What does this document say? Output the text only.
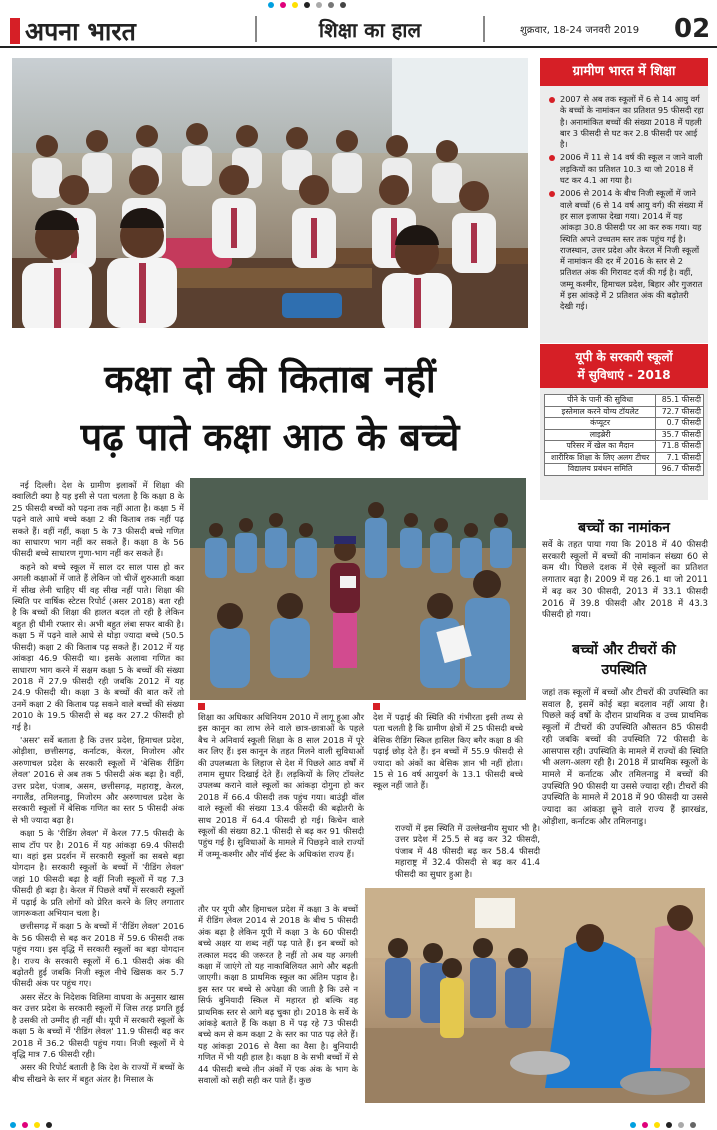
अपना भारत	शिक्षा का हाल	शुक्रवार, 18-24 जनवरी 2019 02
ग्रामीण भारत में शिक्षा
2007 से अब तक स्कूलों में 6 से 14 आयु वर्ग के बच्चों के नामांकन का प्रतिशत 95 फीसदी रहा है। अनामांकित बच्चों की संख्या 2018 में पहली बार 3 फीसदी से घट कर 2.8 फीसदी पर आई है।
2006 में 11 से 14 वर्ष की स्कूल न जाने वाली लड़कियों का प्रतिशत 10.3 था जो 2018 में घट कर 4.1 आ गया है।
2006 से 2014 के बीच निजी स्कूलों में जाने वाले बच्चों (6 से 14 वर्ष आयु वर्ग) की संख्या में हर साल इजाफा देखा गया। 2014 में यह आंकड़ा 30.8 फीसदी पर आ कर रुक गया। यह स्थिति अपने उच्चतम स्तर तक पहुंच गई है। राजस्थान, उत्तर प्रदेश और केरल में निजी स्कूलों में नामांकन की दर में 2016 के स्तर से 2 प्रतिशत अंक की गिरावट दर्ज की गई है। वहीं, जम्मू कश्मीर, हिमाचल प्रदेश, बिहार और गुजरात में इस आंकड़े में 2 प्रतिशत अंक की बढ़ोतरी देखी गई।
कक्षा दो की किताब नहीं
पढ़ पाते कक्षा आठ के बच्चे
यूपी के सरकारी स्कूलों
में सुविधाएं - 2018
पीने के पानी की सुविधा	85.1 फीसदी
इस्तेमाल करने योग्य टॉयलेट	72.7 फीसदी
कंप्यूटर	0.7 फीसदी
लाइब्रेरी	35.7 फीसदी
परिसर में खेल का मैदान	71.8 फीसदी
शारीरिक शिक्षा के लिए अलग टीचर	7.1 फीसदी
विद्यालय प्रबंधन समिति	96.7 फीसदी

नई दिल्ली। देश के ग्रामीण इलाकों में शिक्षा की क्वालिटी क्या है यह इसी से पता चलता है कि कक्षा 8 के 25 फीसदी बच्चों को पढ़ना तक नहीं आता है। कक्षा 5 में पढ़ने वाले आधे बच्चे कक्षा 2 की किताब तक नहीं पढ़ सकते हैं। वहीं नहीं, कक्षा 5 के 73 फीसदी बच्चे गणित का साधारण भाग नहीं कर सकते हैं। कक्षा 8 के 56 फीसदी बच्चे साधारण गुणा-भाग नहीं कर सकते हैं।

कहने को बच्चे स्कूल में साल दर साल पास हो कर अगली कक्षाओं में जाते हैं लेकिन जो चीजें शुरुआती कक्षा में सीख लेनी चाहिए थीं वह सीख नहीं पाते। शिक्षा की स्थिति पर वार्षिक स्टेटस रिपोर्ट (असर 2018) बता रही है कि बच्चों की शिक्षा की हालत बदल तो रही है लेकिन बहुत ही धीमी रफ्तार से। अभी बहुत लंबा सफर बाकी है। कक्षा 5 में पढ़ने वाले आधे से थोड़ा ज्यादा बच्चे (50.5 फीसदी) कक्षा 2 की किताब पढ़ सकते हैं। 2012 में यह आंकड़ा 46.9 फीसदी था। इसके अलावा गणित का साधारण भाग करने में सक्षम कक्षा 5 के बच्चों की संख्या 2018 में 27.9 फीसदी रही जबकि 2012 में यह 24.9 फीसदी थी। कक्षा 3 के बच्चों की बात करें तो उनमें कक्षा 2 की किताब पढ़ सकने वाले बच्चों की संख्या 2010 के 19.5 फीसदी से बढ़ कर 27.2 फीसदी हो गई है।

'असर' सर्वे बताता है कि उत्तर प्रदेश, हिमाचल प्रदेश, ओड़ीशा, छत्तीसगढ़, कर्नाटक, केरल, मिजोरम और अरुणाचल प्रदेश के सरकारी स्कूलों में 'बेसिक रीडिंग लेवल' 2016 से अब तक 5 फीसदी अंक बढ़ा है। वहीं, उत्तर प्रदेश, पंजाब, असम, छत्तीसगढ़, महाराष्ट्र, केरल, नगालैंड, तमिलनाडु, मिजोरम और अरुणाचल प्रदेश के सरकारी स्कूलों में बेसिक गणित का स्तर 5 फीसदी अंक से भी ज्यादा बढ़ा है।

कक्षा 5 के 'रीडिंग लेवल' में केरल 77.5 फीसदी के साथ टॉप पर है। 2016 में यह आंकड़ा 69.4 फीसदी था। वहां इस प्रदर्शन में सरकारी स्कूलों का सबसे बड़ा योगदान है। सरकारी स्कूलों के बच्चों में 'रीडिंग लेवल' जहां 10 फीसदी बढ़ा है वहीं निजी स्कूलों में यह 7.3 फीसदी ही बढ़ा है। केरल में पिछले वर्षों में सरकारी स्कूलों में पढ़ाई के प्रति लोगों को प्रेरित करने के लिए लगातार जागरूकता अभियान चला है।

छत्तीसगढ़ में कक्षा 5 के बच्चों में 'रीडिंग लेवल' 2016 के 56 फीसदी से बढ़ कर 2018 में 59.6 फीसदी तक पहुंच गया। इस वृद्धि में सरकारी स्कूलों का बड़ा योगदान है। राज्य के सरकारी स्कूलों में 6.1 फीसदी अंक की बढ़ोतरी हुई जबकि निजी स्कूल नीचे खिसक कर 5.7 फीसदी अंक पर पहुंच गए।

असर सेंटर के निदेशक विलिमा वाधवा के अनुसार खास कर उत्तर प्रदेश के सरकारी स्कूलों में जिस तरह प्रगति हुई है उसकी तो उम्मीद ही नहीं थी। यूपी में सरकारी स्कूलों के कक्षा 5 के बच्चों में 'रीडिंग लेवल' 11.9 फीसदी बढ़ कर 2018 में 36.2 फीसदी पहुंच गया। निजी स्कूलों में ये वृद्धि मात्र 7.6 फीसदी रही।

असर की रिपोर्ट बताती है कि देश के राज्यों में बच्चों के बीच सीखने के स्तर में बहुत अंतर है। मिसाल के

शिक्षा का अधिकार अधिनियम 2010 में लागू हुआ और इस कानून का लाभ लेने वाले छात्र-छात्राओं के पहले बैच ने अनिवार्य स्कूली शिक्षा के 8 साल 2018 में पूरे कर लिए हैं। इस कानून के तहत मिलने वाली सुविधाओं की उपलब्धता के लिहाज से देश में पिछले आठ वर्षों में तमाम सुधार दिखाई देते हैं। लड़कियों के लिए टॉयलेट उपलब्ध कराने वाले स्कूलों का आंकड़ा दोगुना हो कर 2018 में 66.4 फीसदी तक पहुंच गया। बाउंड्री वॉल वाले स्कूलों की संख्या 13.4 फीसदी की बढ़ोतरी के साथ 2018 में 64.4 फीसदी हो गई। किचेन वाले स्कूलों की संख्या 82.1 फीसदी से बढ़ कर 91 फीसदी पहुंच गई है। सुविधाओं के मामले में पिछड़ने वाले राज्यों में जम्मू-कश्मीर और नॉर्थ ईस्ट के अधिकांश राज्य हैं।
देश में पढ़ाई की स्थिति की गंभीरता इसी तथ्य से पता चलती है कि ग्रामीण क्षेत्रों में 25 फीसदी बच्चे बेसिक रीडिंग स्किल हासिल किए बगैर कक्षा 8 की पढ़ाई छोड़ देते हैं। इन बच्चों में 55.9 फीसदी से ज्यादा को अंकों का बेसिक ज्ञान भी नहीं होता। 15 से 16 वर्ष आयुवर्ग के 13.1 फीसदी बच्चे स्कूल नहीं जाते हैं।
तौर पर यूपी और हिमाचल प्रदेश में कक्षा 3 के बच्चों में रीडिंग लेवल 2014 से 2018 के बीच 5 फीसदी अंक बढ़ा है लेकिन यूपी में कक्षा 3 के 60 फीसदी बच्चे अक्षर या शब्द नहीं पढ़ पाते हैं। इन बच्चों को तत्काल मदद की जरूरत है नहीं तो अब यह अगली कक्षा में जाएंगे तो यह नाकाबिलियत आगे और बढ़ती जाएगी। कक्षा 8 प्राथमिक स्कूल का अंतिम पड़ाव है। इस स्तर पर बच्चे से अपेक्षा की जाती है कि उसे न सिर्फ बुनियादी स्किल में महारत हो बल्कि वह प्राथमिक स्तर से आगे बढ़ चुका हो। 2018 के सर्वे के आंकड़े बताते हैं कि कक्षा 8 में पढ़ रहे 73 फीसदी बच्चे कम से कम कक्षा 2 के स्तर का पाठ पढ़ लेते हैं। यह आंकड़ा 2016 से वैसा का वैसा है। बुनियादी गणित में भी यही हाल है। कक्षा 8 के सभी बच्चों में से 44 फीसदी बच्चे तीन अंकों में एक अंक के भाग के सवालों को सही सही कर पाते हैं। कुछ
बच्चों का नामांकन
सर्वे के तहत पाया गया कि 2018 में 40 फीसदी सरकारी स्कूलों में बच्चों की नामांकन संख्या 60 से कम थी। पिछले दशक में ऐसे स्कूलों का प्रतिशत लगातार बढ़ा है। 2009 में यह 26.1 था जो 2011 में बढ़ कर 30 फीसदी, 2013 में 33.1 फीसदी 2016 में 39.8 फीसदी और 2018 में 43.3 फीसदी हो गया।
बच्चों और टीचरों की
उपस्थिति
जहां तक स्कूलों में बच्चों और टीचरों की उपस्थिति का सवाल है, इसमें कोई बड़ा बदलाव नहीं आया है। पिछले कई वर्षों के दौरान प्राथमिक व उच्च प्राथमिक स्कूलों में टीचरों की उपस्थिति औसतन 85 फीसदी रही जबकि बच्चों की उपस्थिति 72 फीसदी के आसपास रही। उपस्थिति के मामले में राज्यों की स्थिति भी अलग-अलग रही है। 2018 में प्राथमिक स्कूलों के मामले में कर्नाटक और तमिलनाडु में बच्चों की उपस्थिति 90 फीसदी या उससे ज्यादा रही। टीचरों की उपस्थिति के मामले में 2018 में 90 फीसदी या उससे ज्यादा का आंकड़ा छूने वाले राज्य हैं झारखंड, ओड़ीशा, कर्नाटक और तमिलनाडु।
राज्यों में इस स्थिति में उल्लेखनीय सुधार भी है। उत्तर प्रदेश में 25.5 से बढ़ कर 32 फीसदी, पंजाब में 48 फीसदी बढ़ कर 58.4 फीसदी महाराष्ट्र में 32.4 फीसदी से बढ़ कर 41.4 फीसदी का सुधार हुआ है।
